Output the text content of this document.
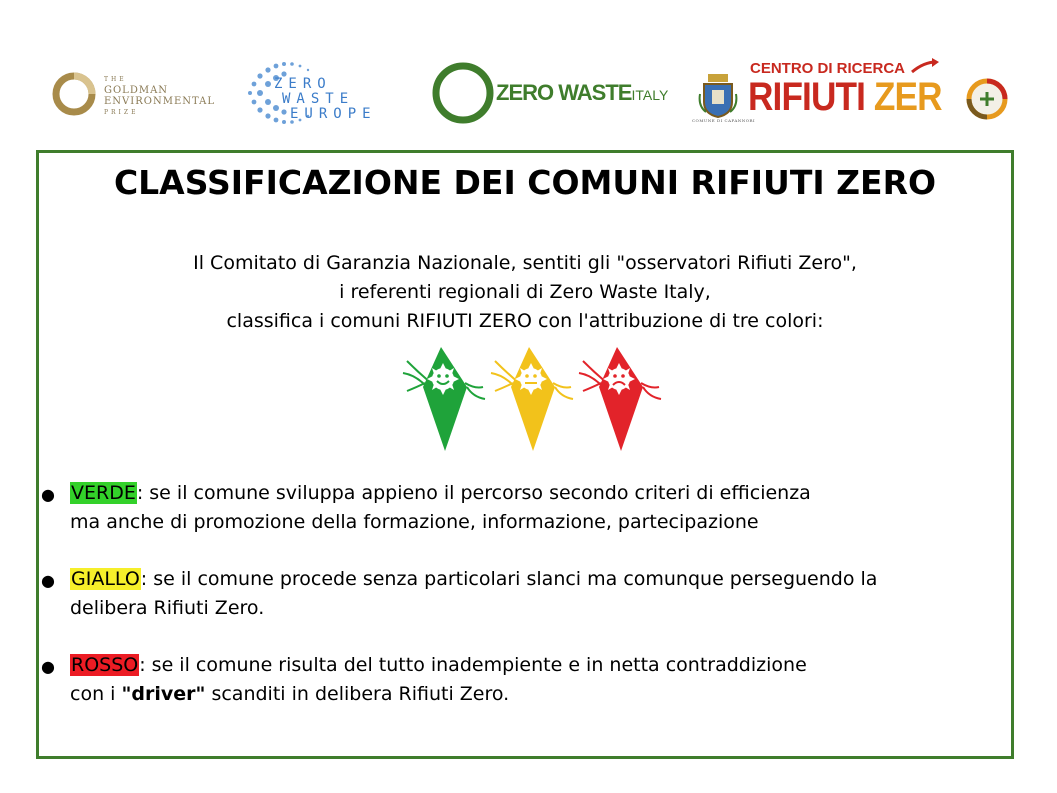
THE
GOLDMAN
ENVIRONMENTAL
PRIZE
ZERO
WASTE
EUROPE
ZERO WASTEITALY
COMUNE DI CAPANNORI
CENTRO DI RICERCA
RIFIUTI ZER
CLASSIFICAZIONE DEI COMUNI RIFIUTI ZERO
Il Comitato di Garanzia Nazionale, sentiti gli "osservatori Rifiuti Zero",
i referenti regionali di Zero Waste Italy,
classifica i comuni RIFIUTI ZERO con l'attribuzione di tre colori:
● VERDE: se il comune sviluppa appieno il percorso secondo criteri di efficienza
ma anche di promozione della formazione, informazione, partecipazione
● GIALLO: se il comune procede senza particolari slanci ma comunque perseguendo la
delibera Rifiuti Zero.
● ROSSO: se il comune risulta del tutto inadempiente e in netta contraddizione
con i "driver" scanditi in delibera Rifiuti Zero.
